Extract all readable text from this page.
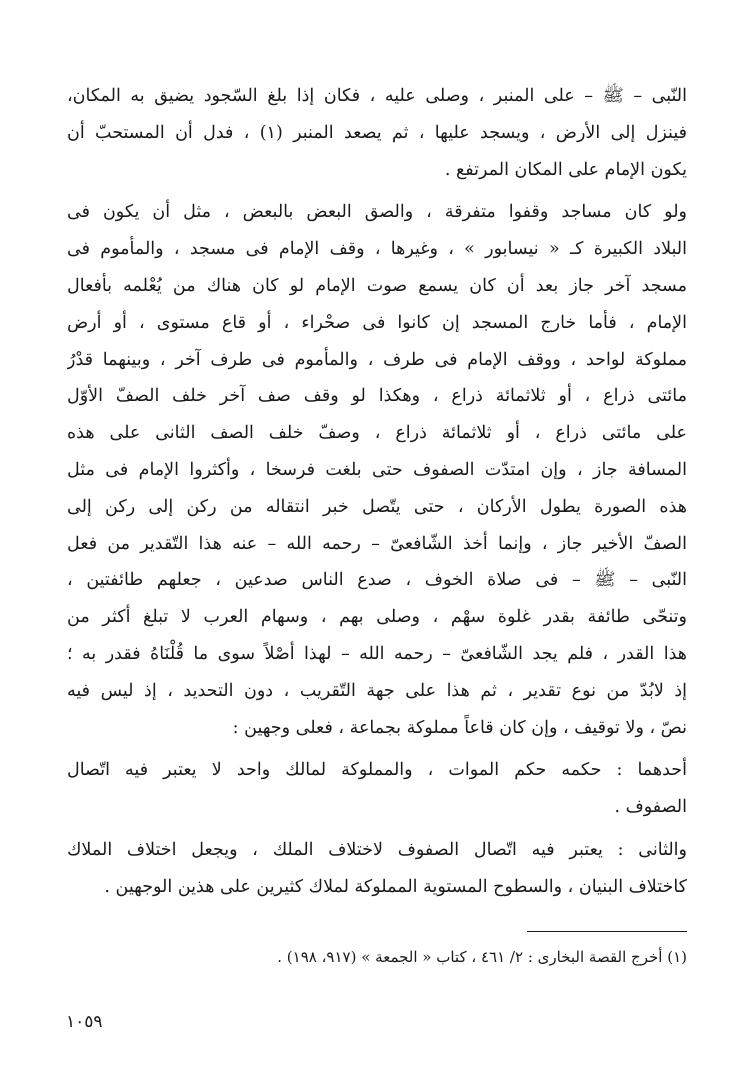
النّبى – ﷺ – على المنبر ، وصلى عليه ، فكان إذا بلغ السّجود يضيق به المكان،
فينزل إلى الأرض ، ويسجد عليها ، ثم يصعد المنبر (١) ، فدل أن المستحبّ أن
يكون الإمام على المكان المرتفع .
ولو كان مساجد وقفوا متفرقة ، والصق البعض بالبعض ، مثل أن يكون فى
البلاد الكبيرة كـ « نيسابور » ، وغيرها ، وقف الإمام فى مسجد ، والمأموم فى
مسجد آخر جاز بعد أن كان يسمع صوت الإمام لو كان هناك من يُعْلمه بأفعال
الإمام ، فأما خارج المسجد إن كانوا فى صحْراء ، أو قاع مستوى ، أو أرض
مملوكة لواحد ، ووقف الإمام فى طرف ، والمأموم فى طرف آخر ، وبينهما قدْرُ
مائتى ذراع ، أو ثلاثمائة ذراع ، وهكذا لو وقف صف آخر خلف الصفّ الأوّل
على مائتى ذراع ، أو ثلاثمائة ذراع ، وصفّ خلف الصف الثانى على هذه
المسافة جاز ، وإن امتدّت الصفوف حتى بلغت فرسخا ، وأكثروا الإمام فى مثل
هذه الصورة يطول الأركان ، حتى يتّصل خبر انتقاله من ركن إلى ركن إلى
الصفّ الأخير جاز ، وإنما أخذ الشّافعىّ – رحمه الله – عنه هذا التّقدير من فعل
النّبى – ﷺ – فى صلاة الخوف ، صدع الناس صدعين ، جعلهم طائفتين ،
وتنحّى طائفة بقدر غلوة سهْم ، وصلى بهم ، وسهام العرب لا تبلغ أكثر من
هذا القدر ، فلم يجد الشّافعىّ – رحمه الله – لهذا أصْلاً سوى ما قُلْنَاهُ فقدر به ؛
إذ لابُدّ من نوع تقدير ، ثم هذا على جهة التّقريب ، دون التحديد ، إذ ليس فيه
نصّ ، ولا توقيف ، وإن كان قاعاً مملوكة بجماعة ، فعلى وجهين :
أحدهما : حكمه حكم الموات ، والمملوكة لمالك واحد لا يعتبر فيه اتّصال
الصفوف .
والثانى : يعتبر فيه اتّصال الصفوف لاختلاف الملك ، ويجعل اختلاف الملاك
كاختلاف البنيان ، والسطوح المستوية المملوكة لملاك كثيرين على هذين الوجهين .
(١) أخرج القصة البخارى : ٢/ ٤٦١ ، كتاب « الجمعة » (٩١٧، ١٩٨) .
١٠٥٩
